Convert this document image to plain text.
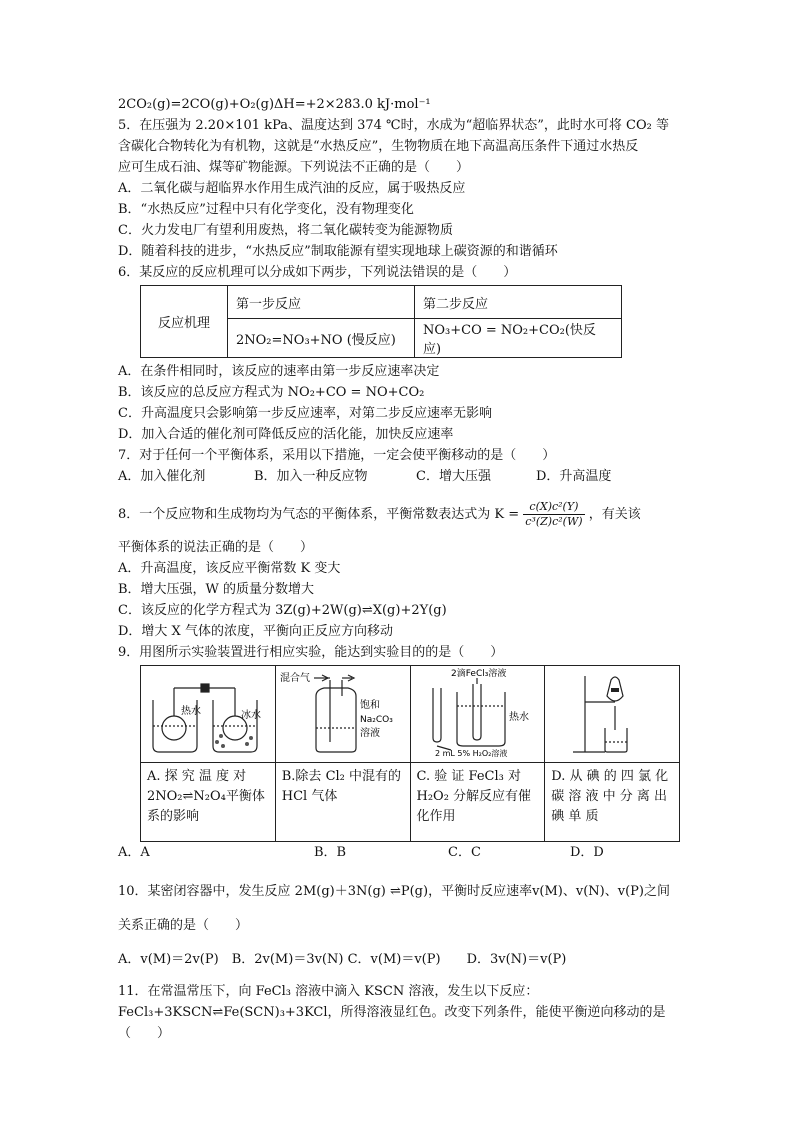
2CO₂(g)=2CO(g)+O₂(g)ΔH=+2×283.0 kJ·mol⁻¹
5．在压强为 2.20×101 kPa、温度达到 374 ℃时，水成为“超临界状态”，此时水可将 CO₂ 等
含碳化合物转化为有机物，这就是“水热反应”，生物物质在地下高温高压条件下通过水热反
应可生成石油、煤等矿物能源。下列说法不正确的是（　　）
A．二氧化碳与超临界水作用生成汽油的反应，属于吸热反应
B．“水热反应”过程中只有化学变化，没有物理变化
C．火力发电厂有望利用废热，将二氧化碳转变为能源物质
D．随着科技的进步，“水热反应”制取能源有望实现地球上碳资源的和谐循环
6．某反应的反应机理可以分成如下两步，下列说法错误的是（　　）
反应机理	第一步反应	第二步反应
	2NO₂=NO₃+NO (慢反应)	NO₃+CO = NO₂+CO₂(快反应)
A．在条件相同时，该反应的速率由第一步反应速率决定
B．该反应的总反应方程式为 NO₂+CO = NO+CO₂
C．升高温度只会影响第一步反应速率，对第二步反应速率无影响
D．加入合适的催化剂可降低反应的活化能，加快反应速率
7．对于任何一个平衡体系，采用以下措施，一定会使平衡移动的是（　　）
A．加入催化剂	B．加入一种反应物	C．增大压强	D．升高温度
8．一个反应物和生成物均为气态的平衡体系，平衡常数表达式为 $K = \frac{\text{c(X)c²(Y)}}{\text{c³(Z)c²(W)}}$ ，有关该
平衡体系的说法正确的是（　　）
A．升高温度，该反应平衡常数 K 变大
B．增大压强，W 的质量分数增大
C．该反应的化学方程式为 3Z(g)+2W(g)⇌X(g)+2Y(g)
D．增大 X 气体的浓度，平衡向正反应方向移动
9．用图所示实验装置进行相应实验，能达到实验目的的是（　　）
热水 冰水	混合气
饱和
Na₂CO₃
溶液	2滴FeCl₃溶液
热水
2 mL 5% H₂O₂溶液

A. 探 究 温 度 对 2NO₂⇌N₂O₄平衡体系的影响	B.除去 Cl₂ 中混有的 HCl 气体	C. 验 证 FeCl₃ 对 H₂O₂ 分解反应有催化作用	D. 从 碘 的 四 氯 化 碳 溶 液 中 分 离 出 碘 单 质
A．A	B．B	C．C	D．D
10．某密闭容器中，发生反应 2M(g)＋3N(g) ⇌P(g)，平衡时反应速率v(M)、v(N)、v(P)之间
关系正确的是（　　）
A．v(M)＝2v(P)　B．2v(M)＝3v(N) C．v(M)＝v(P)　　D．3v(N)＝v(P)
11．在常温常压下，向 FeCl₃ 溶液中滴入 KSCN 溶液，发生以下反应：
FeCl₃+3KSCN⇌Fe(SCN)₃+3KCl，所得溶液显红色。改变下列条件，能使平衡逆向移动的是
（　　）
